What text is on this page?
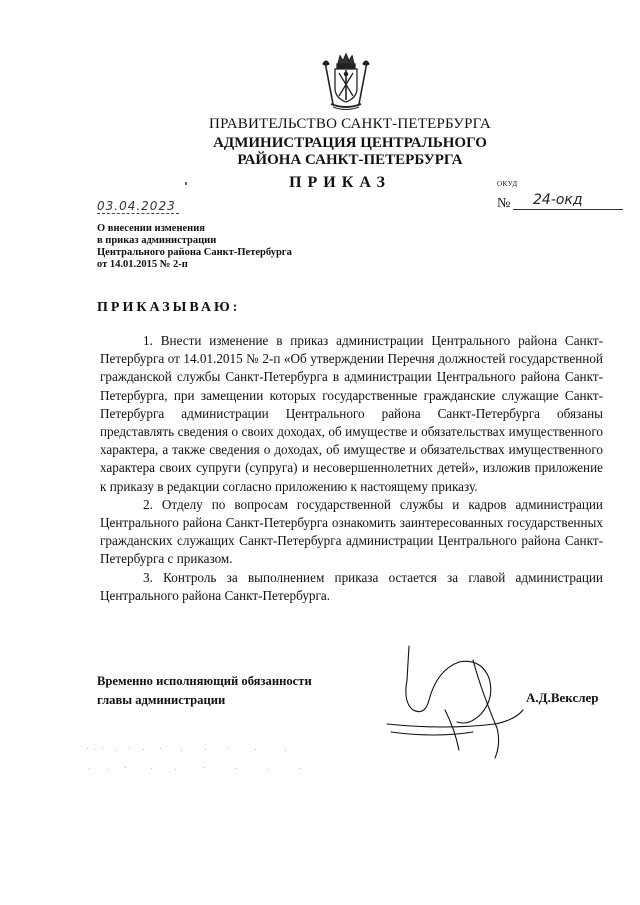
ПРАВИТЕЛЬСТВО САНКТ-ПЕТЕРБУРГА
АДМИНИСТРАЦИЯ ЦЕНТРАЛЬНОГО
РАЙОНА САНКТ-ПЕТЕРБУРГА
ПРИКАЗ	ОКУД
№	24-окд
03.04.2023
О внесении изменения
в приказ администрации
Центрального района Санкт-Петербурга
от 14.01.2015 № 2-п
ПРИКАЗЫВАЮ:

1. Внести изменение в приказ администрации Центрального района Санкт-Петербурга от 14.01.2015 № 2-п «Об утверждении Перечня должностей государственной гражданской службы Санкт-Петербурга в администрации Центрального района Санкт-Петербурга, при замещении которых государственные гражданские служащие Санкт-Петербурга администрации Центрального района Санкт-Петербурга обязаны представлять сведения о своих доходах, об имуществе и обязательствах имущественного характера, а также сведения о доходах, об имуществе и обязательствах имущественного характера своих супруги (супруга) и несовершеннолетних детей», изложив приложение к приказу в редакции согласно приложению к настоящему приказу.

2. Отделу по вопросам государственной службы и кадров администрации Центрального района Санкт-Петербурга ознакомить заинтересованных государственных гражданских служащих Санкт-Петербурга администрации Центрального района Санкт-Петербурга с приказом.

3. Контроль за выполнением приказа остается за главой администрации Центрального района Санкт-Петербурга.

Временно исполняющий обязанности
главы администрации	А.Д.Векслер
